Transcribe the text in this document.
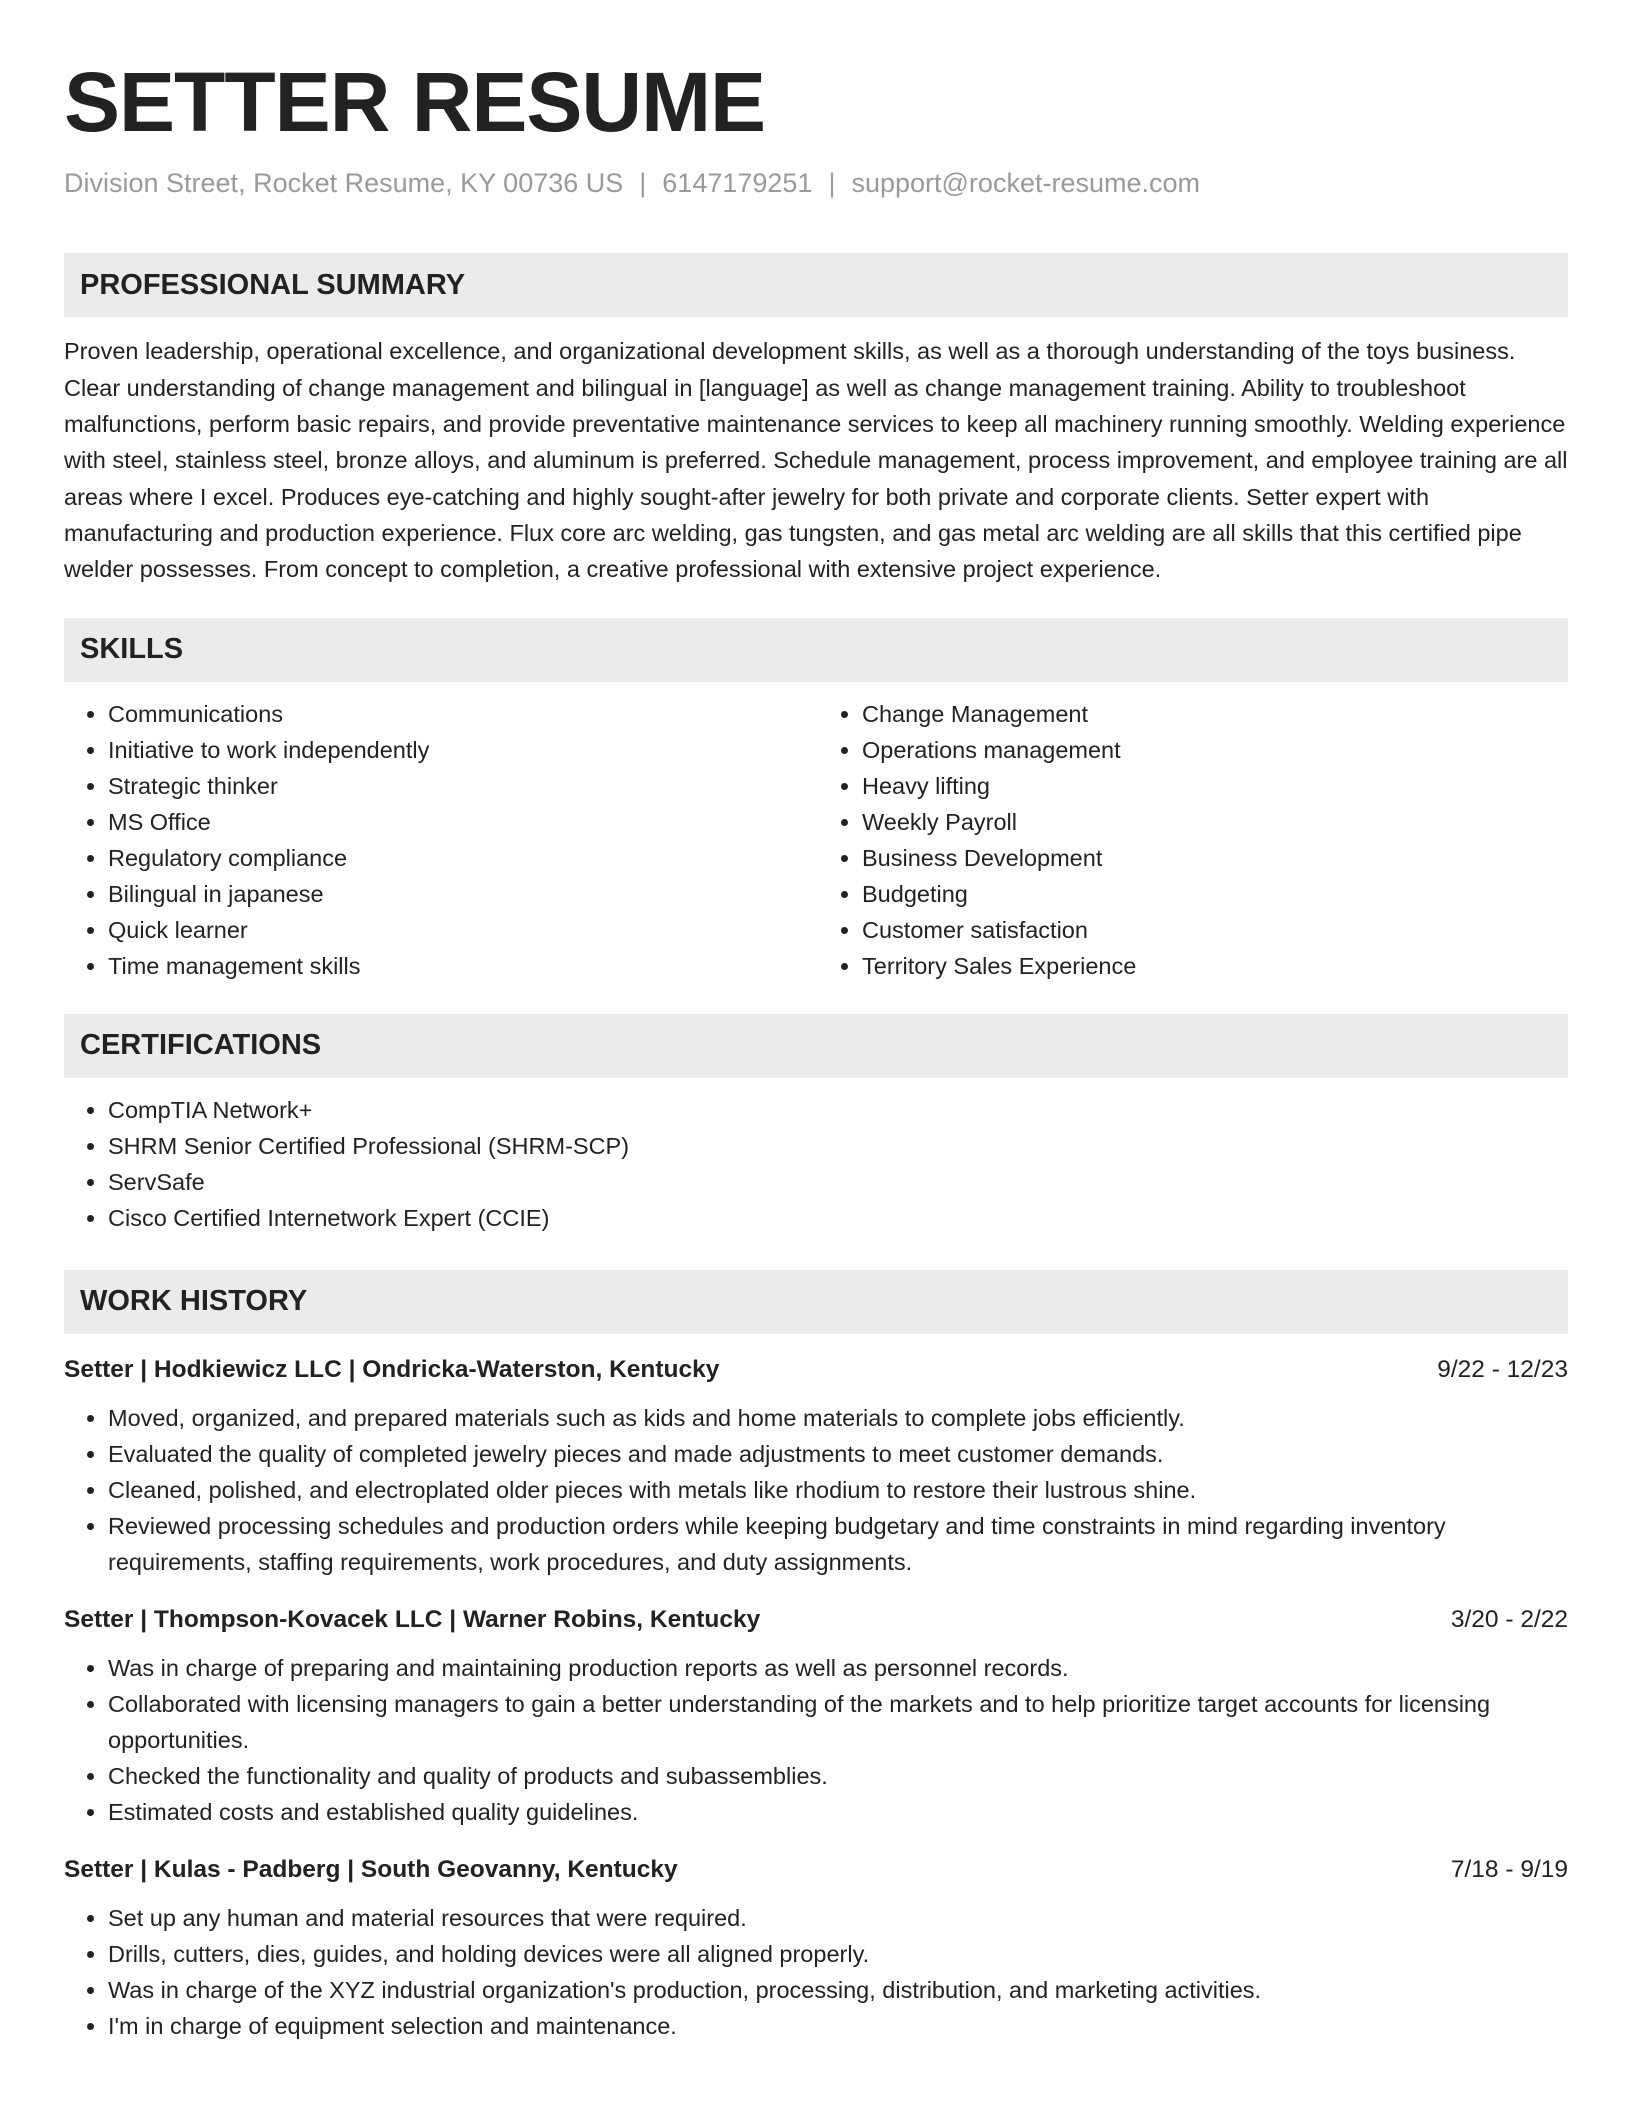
SETTER RESUME
Division Street, Rocket Resume, KY 00736 US | 6147179251 | support@rocket-resume.com
PROFESSIONAL SUMMARY
Proven leadership, operational excellence, and organizational development skills, as well as a thorough understanding of the toys business. Clear understanding of change management and bilingual in [language] as well as change management training. Ability to troubleshoot malfunctions, perform basic repairs, and provide preventative maintenance services to keep all machinery running smoothly. Welding experience with steel, stainless steel, bronze alloys, and aluminum is preferred. Schedule management, process improvement, and employee training are all areas where I excel. Produces eye-catching and highly sought-after jewelry for both private and corporate clients. Setter expert with manufacturing and production experience. Flux core arc welding, gas tungsten, and gas metal arc welding are all skills that this certified pipe welder possesses. From concept to completion, a creative professional with extensive project experience.
SKILLS
• Communications
• Initiative to work independently
• Strategic thinker
• MS Office
• Regulatory compliance
• Bilingual in japanese
• Quick learner
• Time management skills
• Change Management
• Operations management
• Heavy lifting
• Weekly Payroll
• Business Development
• Budgeting
• Customer satisfaction
• Territory Sales Experience
CERTIFICATIONS
• CompTIA Network+
• SHRM Senior Certified Professional (SHRM-SCP)
• ServSafe
• Cisco Certified Internetwork Expert (CCIE)
WORK HISTORY
Setter | Hodkiewicz LLC | Ondricka-Waterston, Kentucky	9/22 - 12/23
• Moved, organized, and prepared materials such as kids and home materials to complete jobs efficiently.
• Evaluated the quality of completed jewelry pieces and made adjustments to meet customer demands.
• Cleaned, polished, and electroplated older pieces with metals like rhodium to restore their lustrous shine.
• Reviewed processing schedules and production orders while keeping budgetary and time constraints in mind regarding inventory requirements, staffing requirements, work procedures, and duty assignments.
Setter | Thompson-Kovacek LLC | Warner Robins, Kentucky	3/20 - 2/22
• Was in charge of preparing and maintaining production reports as well as personnel records.
• Collaborated with licensing managers to gain a better understanding of the markets and to help prioritize target accounts for licensing opportunities.
• Checked the functionality and quality of products and subassemblies.
• Estimated costs and established quality guidelines.
Setter | Kulas - Padberg | South Geovanny, Kentucky	7/18 - 9/19
• Set up any human and material resources that were required.
• Drills, cutters, dies, guides, and holding devices were all aligned properly.
• Was in charge of the XYZ industrial organization's production, processing, distribution, and marketing activities.
• I'm in charge of equipment selection and maintenance.
